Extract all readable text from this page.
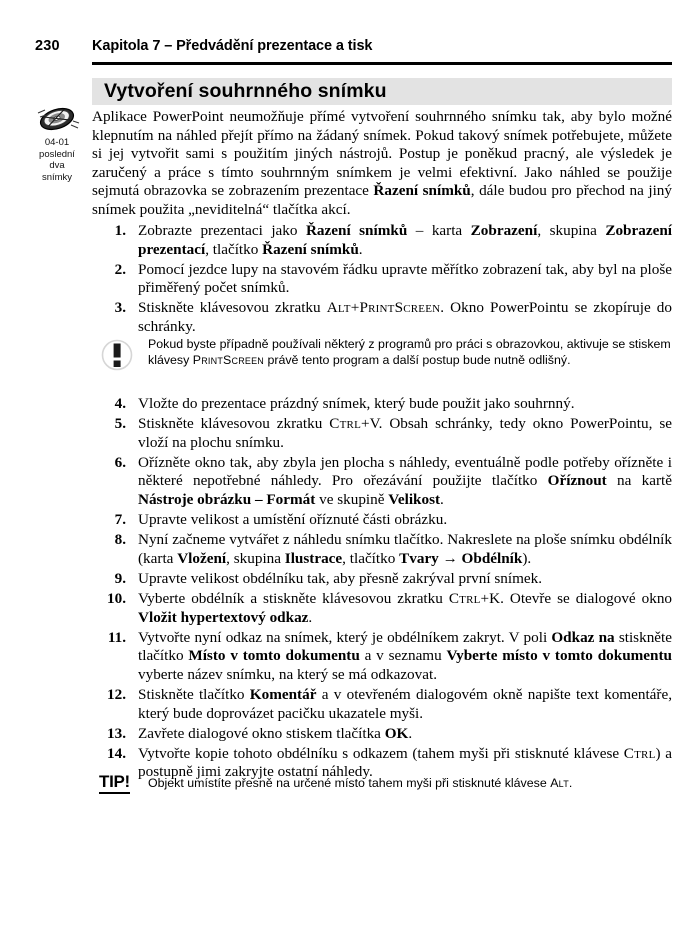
230	Kapitola 7 – Předvádění prezentace a tisk
Vytvoření souhrnného snímku
04-01
poslední
dva
snímky

Aplikace PowerPoint neumožňuje přímé vytvoření souhrnného snímku tak, aby bylo možné klepnutím na náhled přejít přímo na žádaný snímek. Pokud takový snímek potřebujete, můžete si jej vytvořit sami s použitím jiných nástrojů. Postup je poněkud pracný, ale výsledek je zaručený a práce s tímto souhrnným snímkem je velmi efektivní. Jako náhled se použije sejmutá obrazovka se zobrazením prezentace Řazení snímků, dále budou pro přechod na jiný snímek použita „neviditelná“ tlačítka akcí.

1. Zobrazte prezentaci jako Řazení snímků – karta Zobrazení, skupina Zobrazení prezentací, tlačítko Řazení snímků.
2. Pomocí jezdce lupy na stavovém řádku upravte měřítko zobrazení tak, aby byl na ploše přiměřený počet snímků.
3. Stiskněte klávesovou zkratku Alt+PrintScreen. Okno PowerPointu se zkopíruje do schránky.
Pokud byste případně používali některý z programů pro práci s obrazovkou, aktivuje se stiskem klávesy PrintScreen právě tento program a další postup bude nutně odlišný.
4. Vložte do prezentace prázdný snímek, který bude použit jako souhrnný.
5. Stiskněte klávesovou zkratku Ctrl+V. Obsah schránky, tedy okno PowerPointu, se vloží na plochu snímku.
6. Ořízněte okno tak, aby zbyla jen plocha s náhledy, eventuálně podle potřeby ořízněte i některé nepotřebné náhledy. Pro ořezávání použijte tlačítko Oříznout na kartě Nástroje obrázku – Formát ve skupině Velikost.
7. Upravte velikost a umístění oříznuté části obrázku.
8. Nyní začneme vytvářet z náhledu snímku tlačítko. Nakreslete na ploše snímku obdélník (karta Vložení, skupina Ilustrace, tlačítko Tvary → Obdélník).
9. Upravte velikost obdélníku tak, aby přesně zakrýval první snímek.
10. Vyberte obdélník a stiskněte klávesovou zkratku Ctrl+K. Otevře se dialogové okno Vložit hypertextový odkaz.
11. Vytvořte nyní odkaz na snímek, který je obdélníkem zakryt. V poli Odkaz na stiskněte tlačítko Místo v tomto dokumentu a v seznamu Vyberte místo v tomto dokumentu vyberte název snímku, na který se má odkazovat.
12. Stiskněte tlačítko Komentář a v otevřeném dialogovém okně napište text komentáře, který bude doprovázet pacičku ukazatele myši.
13. Zavřete dialogové okno stiskem tlačítka OK.
14. Vytvořte kopie tohoto obdélníku s odkazem (tahem myši při stisknuté klávese Ctrl) a postupně jimi zakryjte ostatní náhledy.
TIP! Objekt umístíte přesně na určené místo tahem myši při stisknuté klávese Alt.
